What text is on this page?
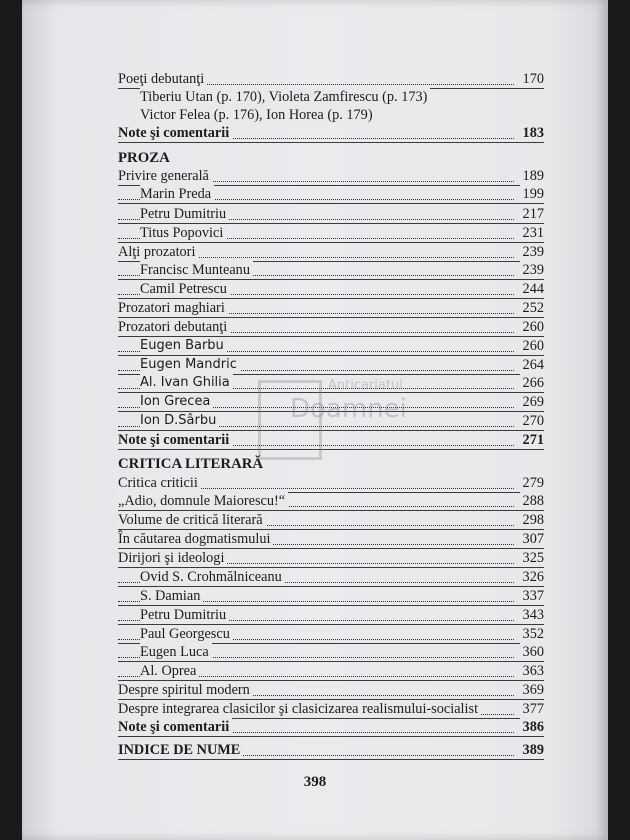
Poeţi debutanţi	170
Tiberiu Utan (p. 170), Violeta Zamfirescu (p. 173)
Victor Felea (p. 176), Ion Horea (p. 179)
Note şi comentarii	183
PROZA
Privire generală	189
Marin Preda	199
Petru Dumitriu	217
Titus Popovici	231
Alţi prozatori	239
Francisc Munteanu	239
Camil Petrescu	244
Prozatori maghiari	252
Prozatori debutanţi	260
Eugen Barbu	260
Eugen Mandric	264
Al. Ivan Ghilia	266
Ion Grecea	269
Ion D.Sârbu	270
Note şi comentarii	271
CRITICA LITERARĂ
Critica criticii	279
„Adio, domnule Maiorescu!“	288
Volume de critică literară	298
În căutarea dogmatismului	307
Dirijori şi ideologi	325
Ovid S. Crohmălniceanu	326
S. Damian	337
Petru Dumitriu	343
Paul Georgescu	352
Eugen Luca	360
Al. Oprea	363
Despre spiritul modern	369
Despre integrarea clasicilor şi clasicizarea realismului-socialist	377
Note şi comentarii	386
INDICE DE NUME	389
Anticariatul
Doamnei
398
